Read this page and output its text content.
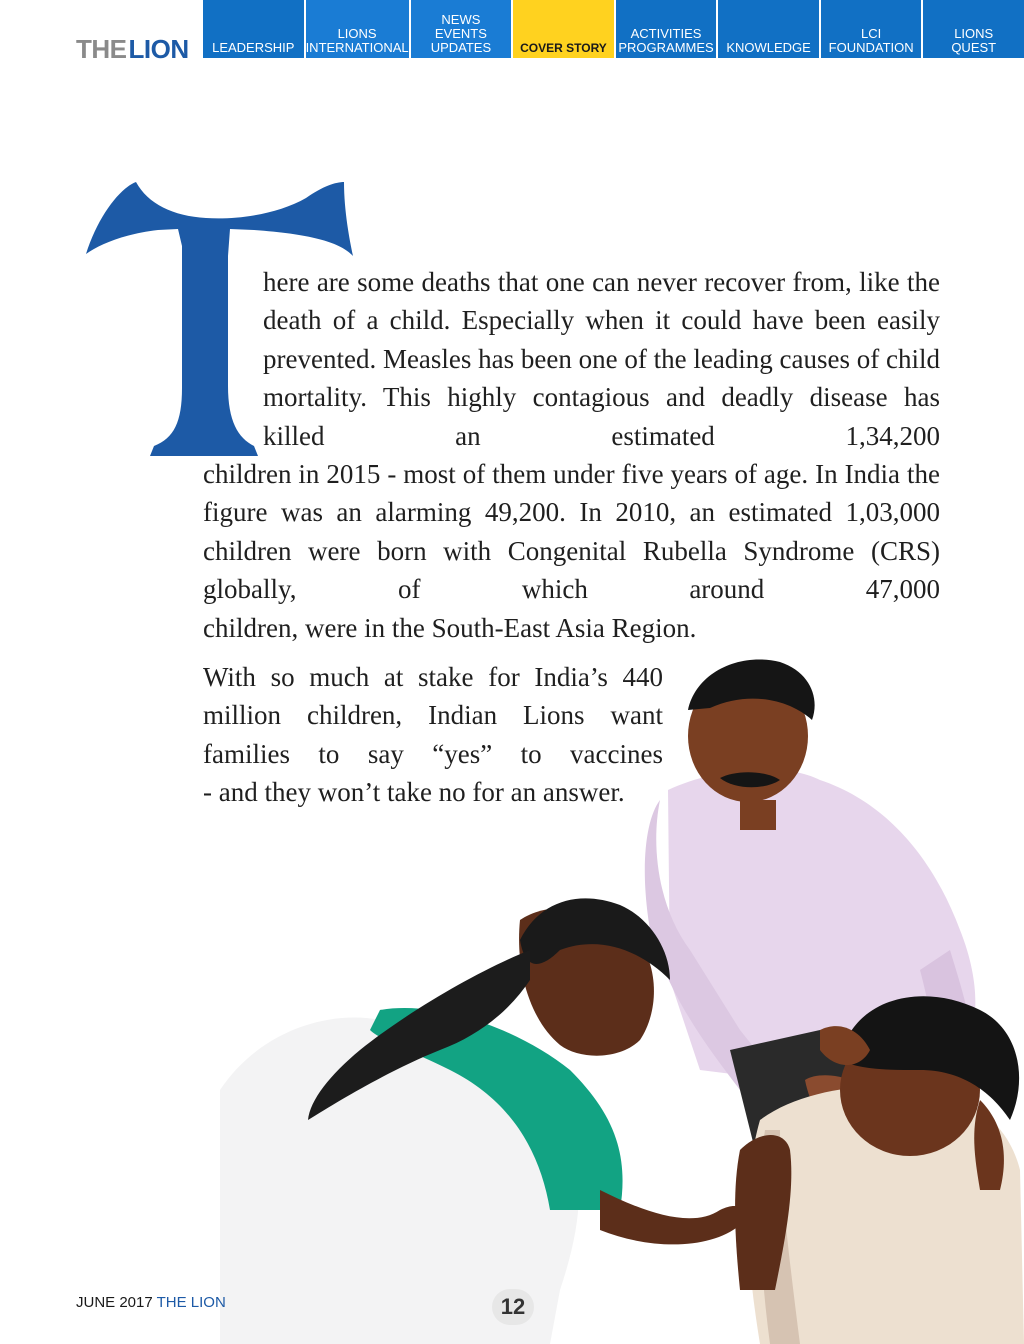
THELION LEADERSHIP
LIONS
INTERNATIONAL
NEWS
EVENTS
UPDATES COVER STORY
ACTIVITIES
PROGRAMMES KNOWLEDGE
LCI
FOUNDATION
LIONS
QUEST

here are some deaths that one can never recover from, like the death of a child. Especially when it could have been easily prevented. Measles has been one of the leading causes of child mortality. This highly contagious and deadly disease has killed an estimated 1,34,200

children in 2015 - most of them under five years of age. In India the figure was an alarming 49,200. In 2010, an estimated 1,03,000 children were born with Congenital Rubella Syndrome (CRS) globally, of which around 47,000
children, were in the South-East Asia Region.

With so much at stake for India’s 440 million children, Indian Lions want families to say “yes” to vaccines
- and they won’t take no for an answer.

JUNE 2017 THE LION	12
